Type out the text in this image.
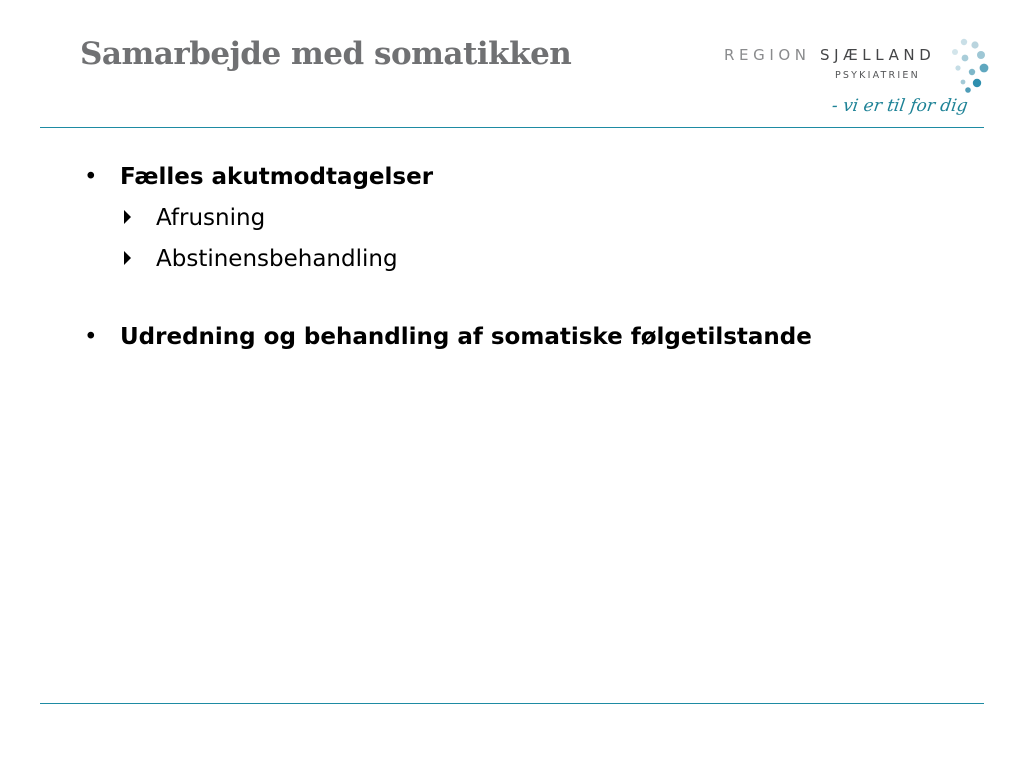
Samarbejde med somatikken	REGION SJÆLLAND
PSYKIATRIEN
- vi er til for dig
• Fælles akutmodtagelser
Afrusning
Abstinensbehandling
• Udredning og behandling af somatiske følgetilstande
